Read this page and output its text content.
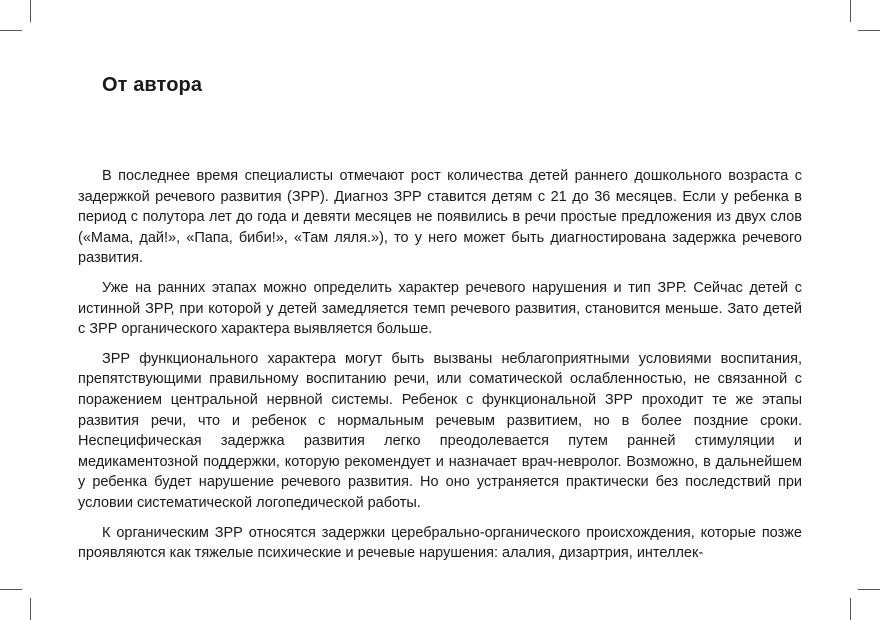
От автора

В последнее время специалисты отмечают рост количества детей раннего дошкольного возраста с задержкой речевого развития (ЗРР). Диагноз ЗРР ставится детям с 21 до 36 месяцев. Если у ребенка в период с полутора лет до года и девяти месяцев не появились в речи простые предложения из двух слов («Мама, дай!», «Папа, биби!», «Там ляля.»), то у него может быть диагностирована задержка речевого развития.

Уже на ранних этапах можно определить характер речевого нарушения и тип ЗРР. Сейчас детей с истинной ЗРР, при которой у детей замедляется темп речевого развития, становится меньше. Зато детей с ЗРР органического характера выявляется больше.

ЗРР функционального характера могут быть вызваны неблагоприятными условиями воспитания, препятствующими правильному воспитанию речи, или соматической ослабленностью, не связанной с поражением центральной нервной системы. Ребенок с функциональной ЗРР проходит те же этапы развития речи, что и ребенок с нормальным речевым развитием, но в более поздние сроки. Неспецифическая задержка развития легко преодолевается путем ранней стимуляции и медикаментозной поддержки, которую рекомендует и назначает врач-невролог. Возможно, в дальнейшем у ребенка будет нарушение речевого развития. Но оно устраняется практически без последствий при условии систематической логопедической работы.

К органическим ЗРР относятся задержки церебрально-органического происхождения, которые позже проявляются как тяжелые психические и речевые нарушения: алалия, дизартрия, интеллек-
